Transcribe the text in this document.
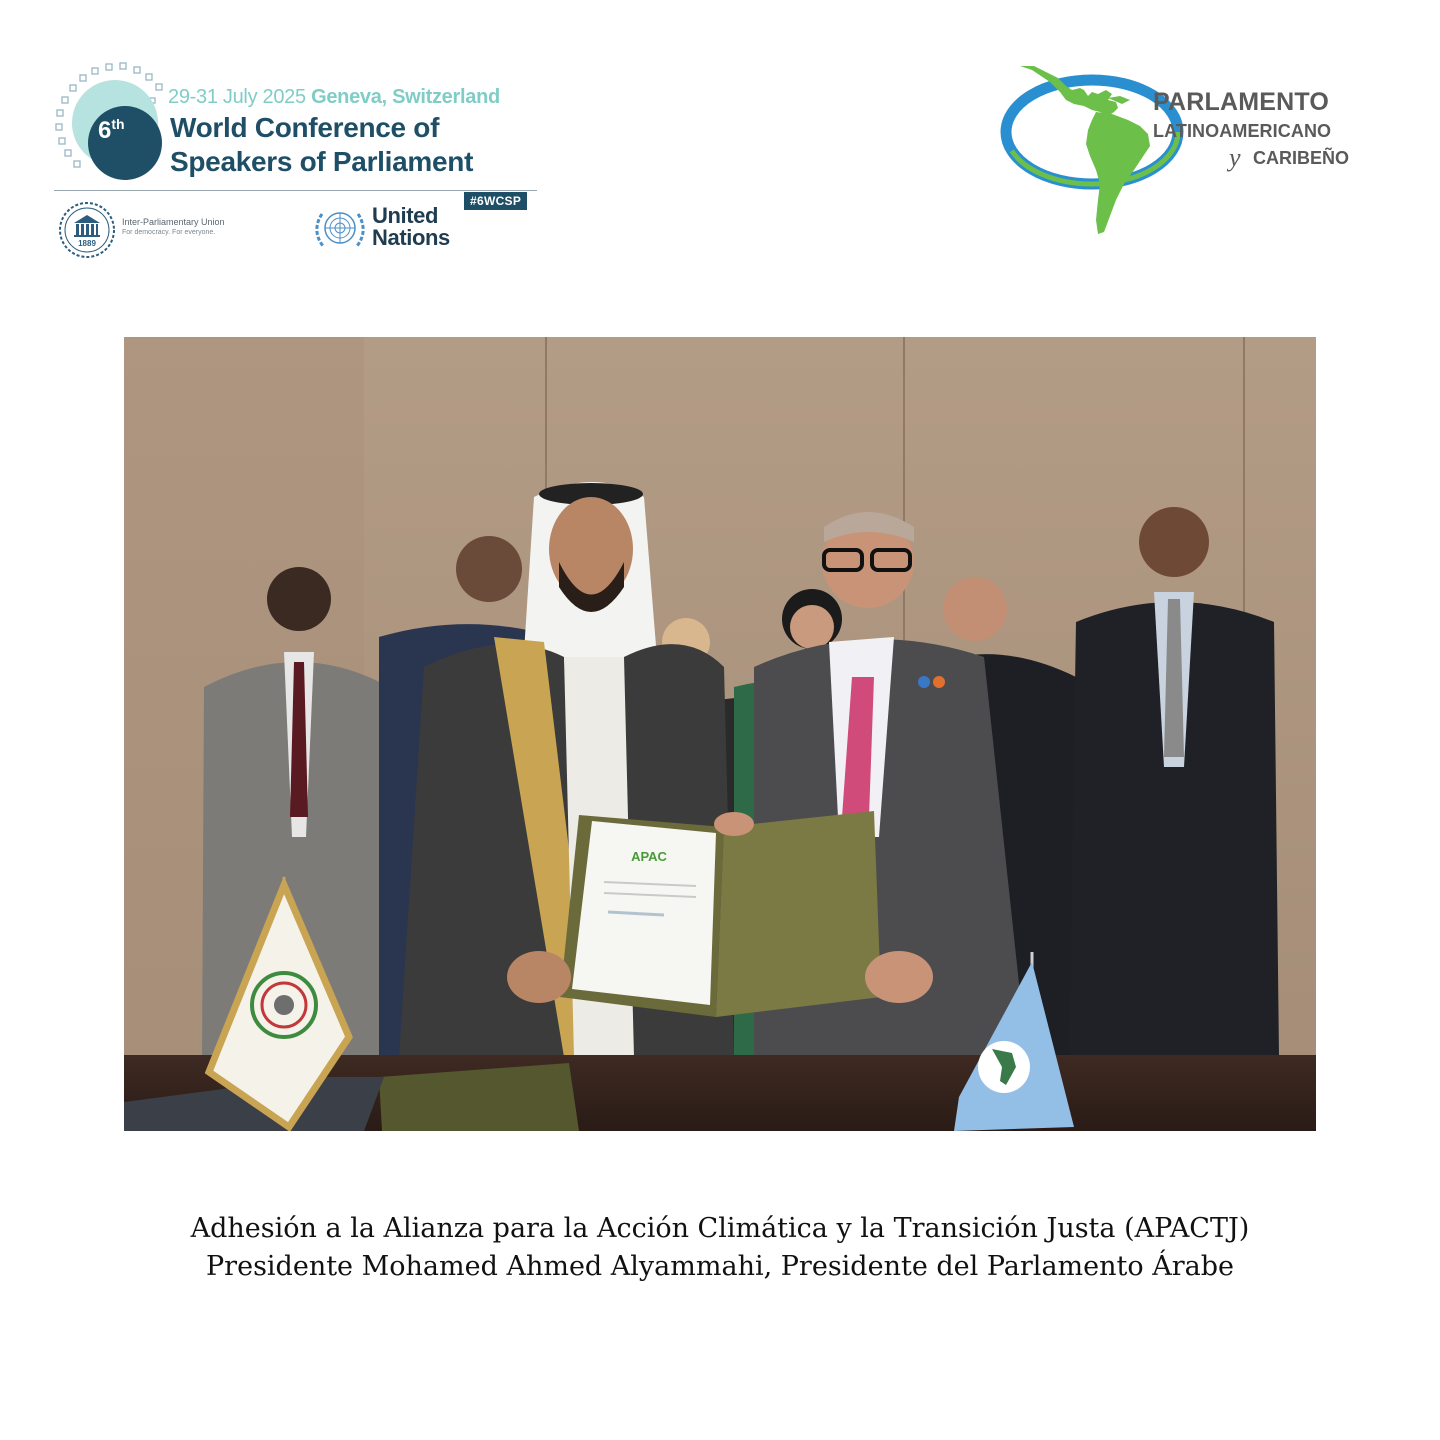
6th
29-31 July 2025 Geneva, Switzerland
World Conference of
Speakers of Parliament
#6WCSP
1889
Inter-Parliamentary Union
For democracy. For everyone.
United
Nations
PARLAMENTO
LATINOAMERICANO
y CARIBEÑO
APAC
Adhesión a la Alianza para la Acción Climática y la Transición Justa (APACTJ)
Presidente Mohamed Ahmed Alyammahi, Presidente del Parlamento Árabe
